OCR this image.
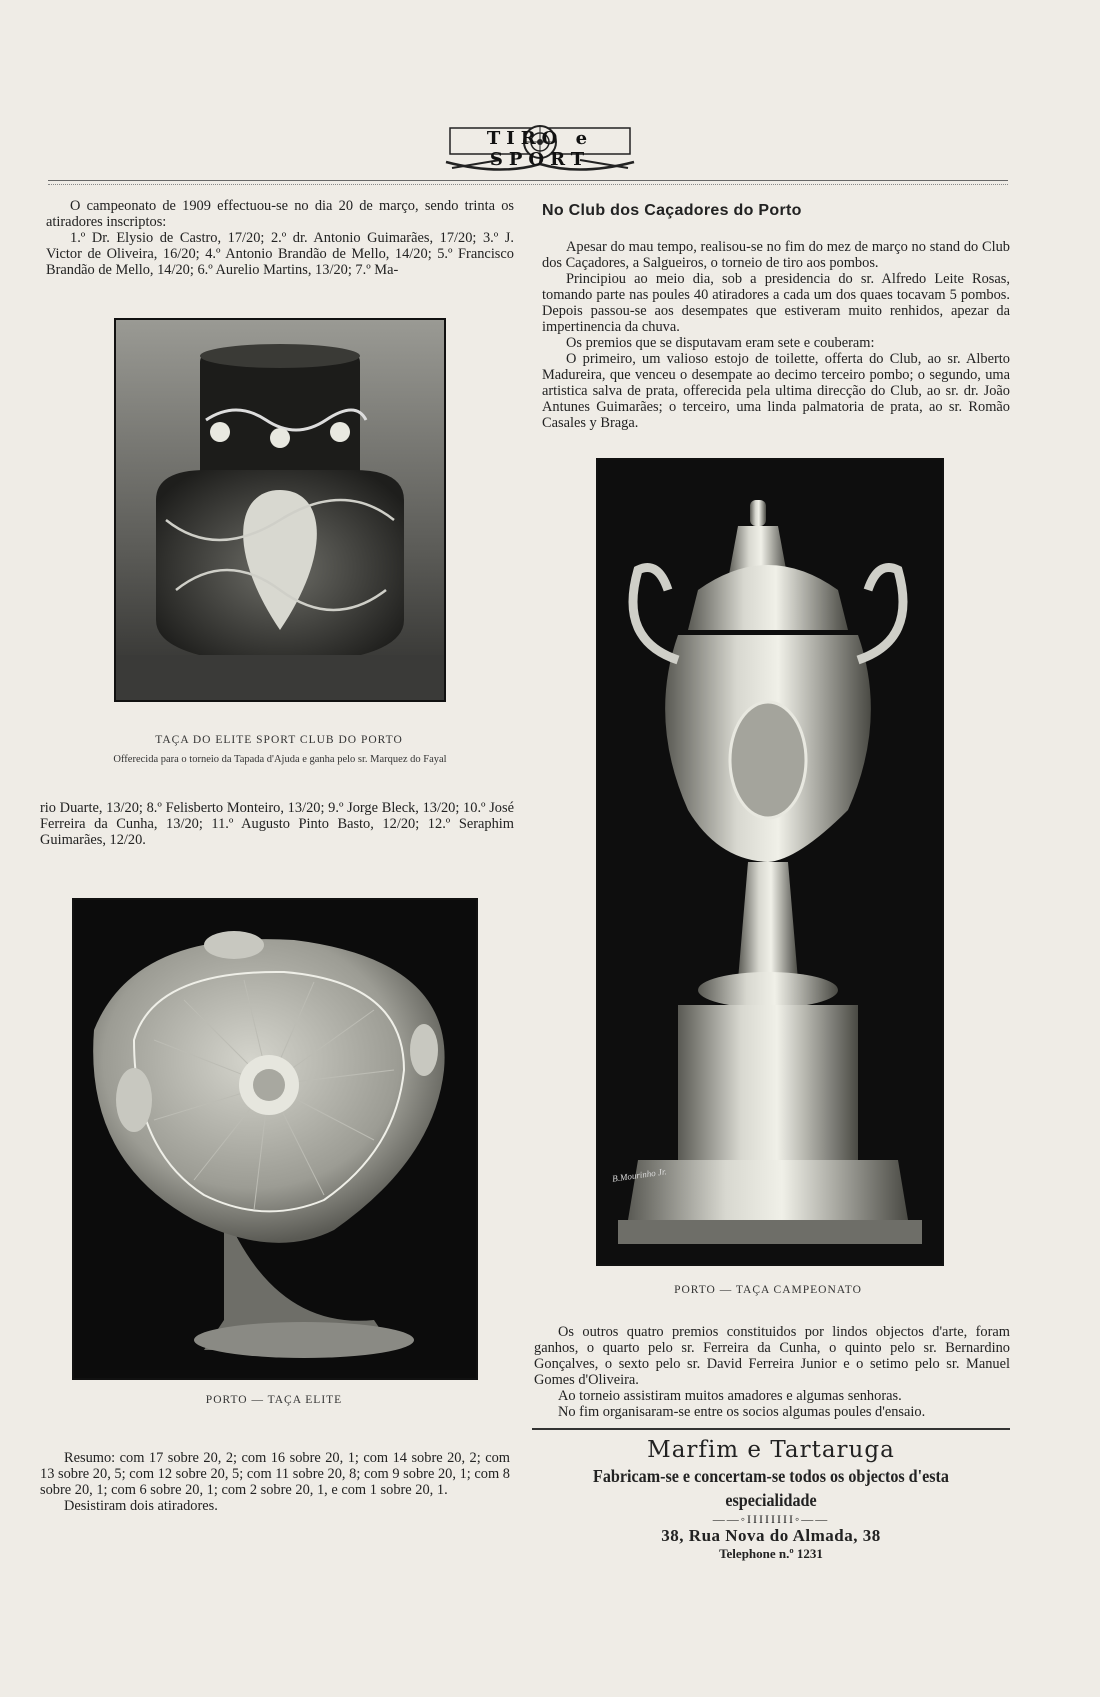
TIRO e SPORT

O campeonato de 1909 effectuou-se no dia 20 de março, sendo trinta os atiradores inscriptos:

1.º Dr. Elysio de Castro, 17/20; 2.º dr. Antonio Guimarães, 17/20; 3.º J. Victor de Oliveira, 16/20; 4.º Antonio Brandão de Mello, 14/20; 5.º Francisco Brandão de Mello, 14/20; 6.º Aurelio Martins, 13/20; 7.º Ma-

TAÇA DO ELITE SPORT CLUB DO PORTO
Offerecida para o torneio da Tapada d'Ajuda e ganha pelo sr. Marquez do Fayal

rio Duarte, 13/20; 8.º Felisberto Monteiro, 13/20; 9.º Jorge Bleck, 13/20; 10.º José Ferreira da Cunha, 13/20; 11.º Augusto Pinto Basto, 12/20; 12.º Seraphim Guimarães, 12/20.

PORTO — TAÇA ELITE

Resumo: com 17 sobre 20, 2; com 16 sobre 20, 1; com 14 sobre 20, 2; com 13 sobre 20, 5; com 12 sobre 20, 5; com 11 sobre 20, 8; com 9 sobre 20, 1; com 8 sobre 20, 1; com 6 sobre 20, 1; com 2 sobre 20, 1, e com 1 sobre 20, 1.

Desistiram dois atiradores.

No Club dos Caçadores do Porto

Apesar do mau tempo, realisou-se no fim do mez de março no stand do Club dos Caçadores, a Salgueiros, o torneio de tiro aos pombos.

Principiou ao meio dia, sob a presidencia do sr. Alfredo Leite Rosas, tomando parte nas poules 40 atiradores a cada um dos quaes tocavam 5 pombos. Depois passou-se aos desempates que estiveram muito renhidos, apezar da impertinencia da chuva.

Os premios que se disputavam eram sete e couberam:

O primeiro, um valioso estojo de toilette, offerta do Club, ao sr. Alberto Madureira, que venceu o desempate ao decimo terceiro pombo; o segundo, uma artistica salva de prata, offerecida pela ultima direcção do Club, ao sr. dr. João Antunes Guimarães; o terceiro, uma linda palmatoria de prata, ao sr. Romão Casales y Braga.

B.Mourinho Jr.
PORTO — TAÇA CAMPEONATO

Os outros quatro premios constituidos por lindos objectos d'arte, foram ganhos, o quarto pelo sr. Ferreira da Cunha, o quinto pelo sr. Bernardino Gonçalves, o sexto pelo sr. David Ferreira Junior e o setimo pelo sr. Manuel Gomes d'Oliveira.

Ao torneio assistiram muitos amadores e algumas senhoras.

No fim organisaram-se entre os socios algumas poules d'ensaio.

Marfim e Tartaruga
Fabricam-se e concertam-se todos os objectos d'esta especialidade
——◦IIIIIIII◦——
38, Rua Nova do Almada, 38
Telephone n.º 1231
